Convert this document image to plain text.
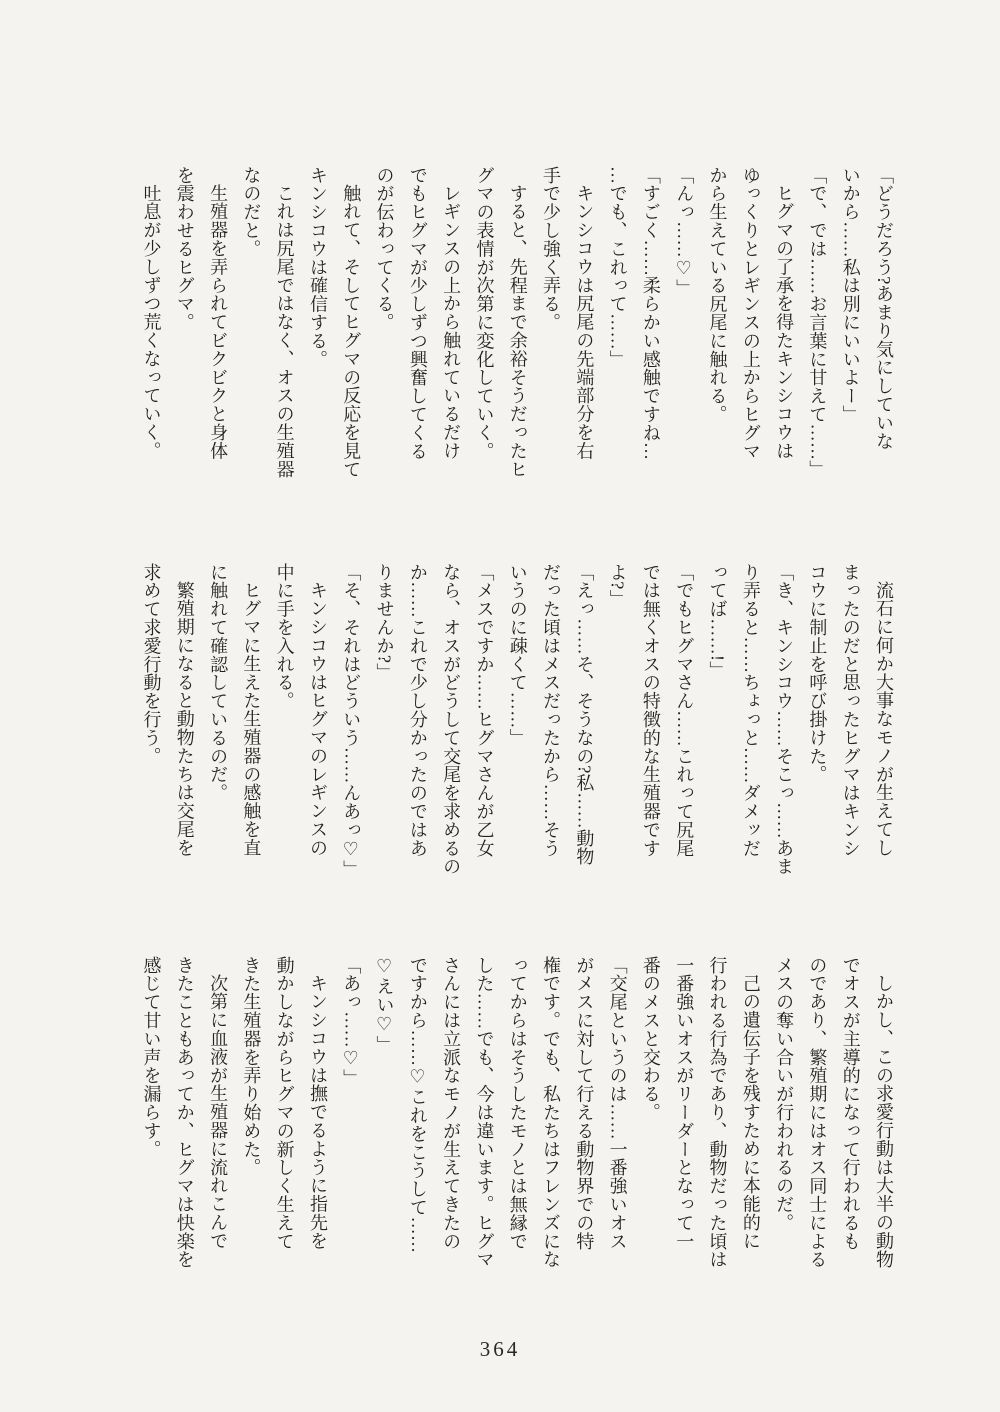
「どうだろう?あまり気にしていな

いから……私は別にいいよー」

「で、では……お言葉に甘えて……」

ヒグマの了承を得たキンシコウは

ゆっくりとレギンスの上からヒグマ

から生えている尻尾に触れる。

「んっ……♡」

「すごく……柔らかい感触ですね…

…でも、これって……」

キンシコウは尻尾の先端部分を右

手で少し強く弄る。

すると、先程まで余裕そうだったヒ

グマの表情が次第に変化していく。

レギンスの上から触れているだけ

でもヒグマが少しずつ興奮してくる

のが伝わってくる。

触れて、そしてヒグマの反応を見て

キンシコウは確信する。

これは尻尾ではなく、オスの生殖器

なのだと。

生殖器を弄られてビクビクと身体

を震わせるヒグマ。

吐息が少しずつ荒くなっていく。

流石に何か大事なモノが生えてし

まったのだと思ったヒグマはキンシ

コウに制止を呼び掛けた。

「き、キンシコウ……そこっ……あま

り弄ると……ちょっと……ダメッだ

ってば……!」

「でもヒグマさん……これって尻尾

では無くオスの特徴的な生殖器です

よ?」

「えっ……そ、そうなの?私……動物

だった頃はメスだったから……そう

いうのに疎くて……」

「メスですか……ヒグマさんが乙女

なら、オスがどうして交尾を求めるの

か……これで少し分かったのではあ

りませんか?」

「そ、それはどういう……んあっ♡」

キンシコウはヒグマのレギンスの

中に手を入れる。

ヒグマに生えた生殖器の感触を直

に触れて確認しているのだ。

繁殖期になると動物たちは交尾を

求めて求愛行動を行う。

しかし、この求愛行動は大半の動物

でオスが主導的になって行われるも

のであり、繁殖期にはオス同士による

メスの奪い合いが行われるのだ。

己の遺伝子を残すために本能的に

行われる行為であり、動物だった頃は

一番強いオスがリーダーとなって一

番のメスと交わる。

「交尾というのは……一番強いオス

がメスに対して行える動物界での特

権です。でも、私たちはフレンズにな

ってからはそうしたモノとは無縁で

した……でも、今は違います。ヒグマ

さんには立派なモノが生えてきたの

ですから……♡これをこうして……

♡えい♡」

「あっ……♡」

キンシコウは撫でるように指先を

動かしながらヒグマの新しく生えて

きた生殖器を弄り始めた。

次第に血液が生殖器に流れこんで

きたこともあってか、ヒグマは快楽を

感じて甘い声を漏らす。

364
